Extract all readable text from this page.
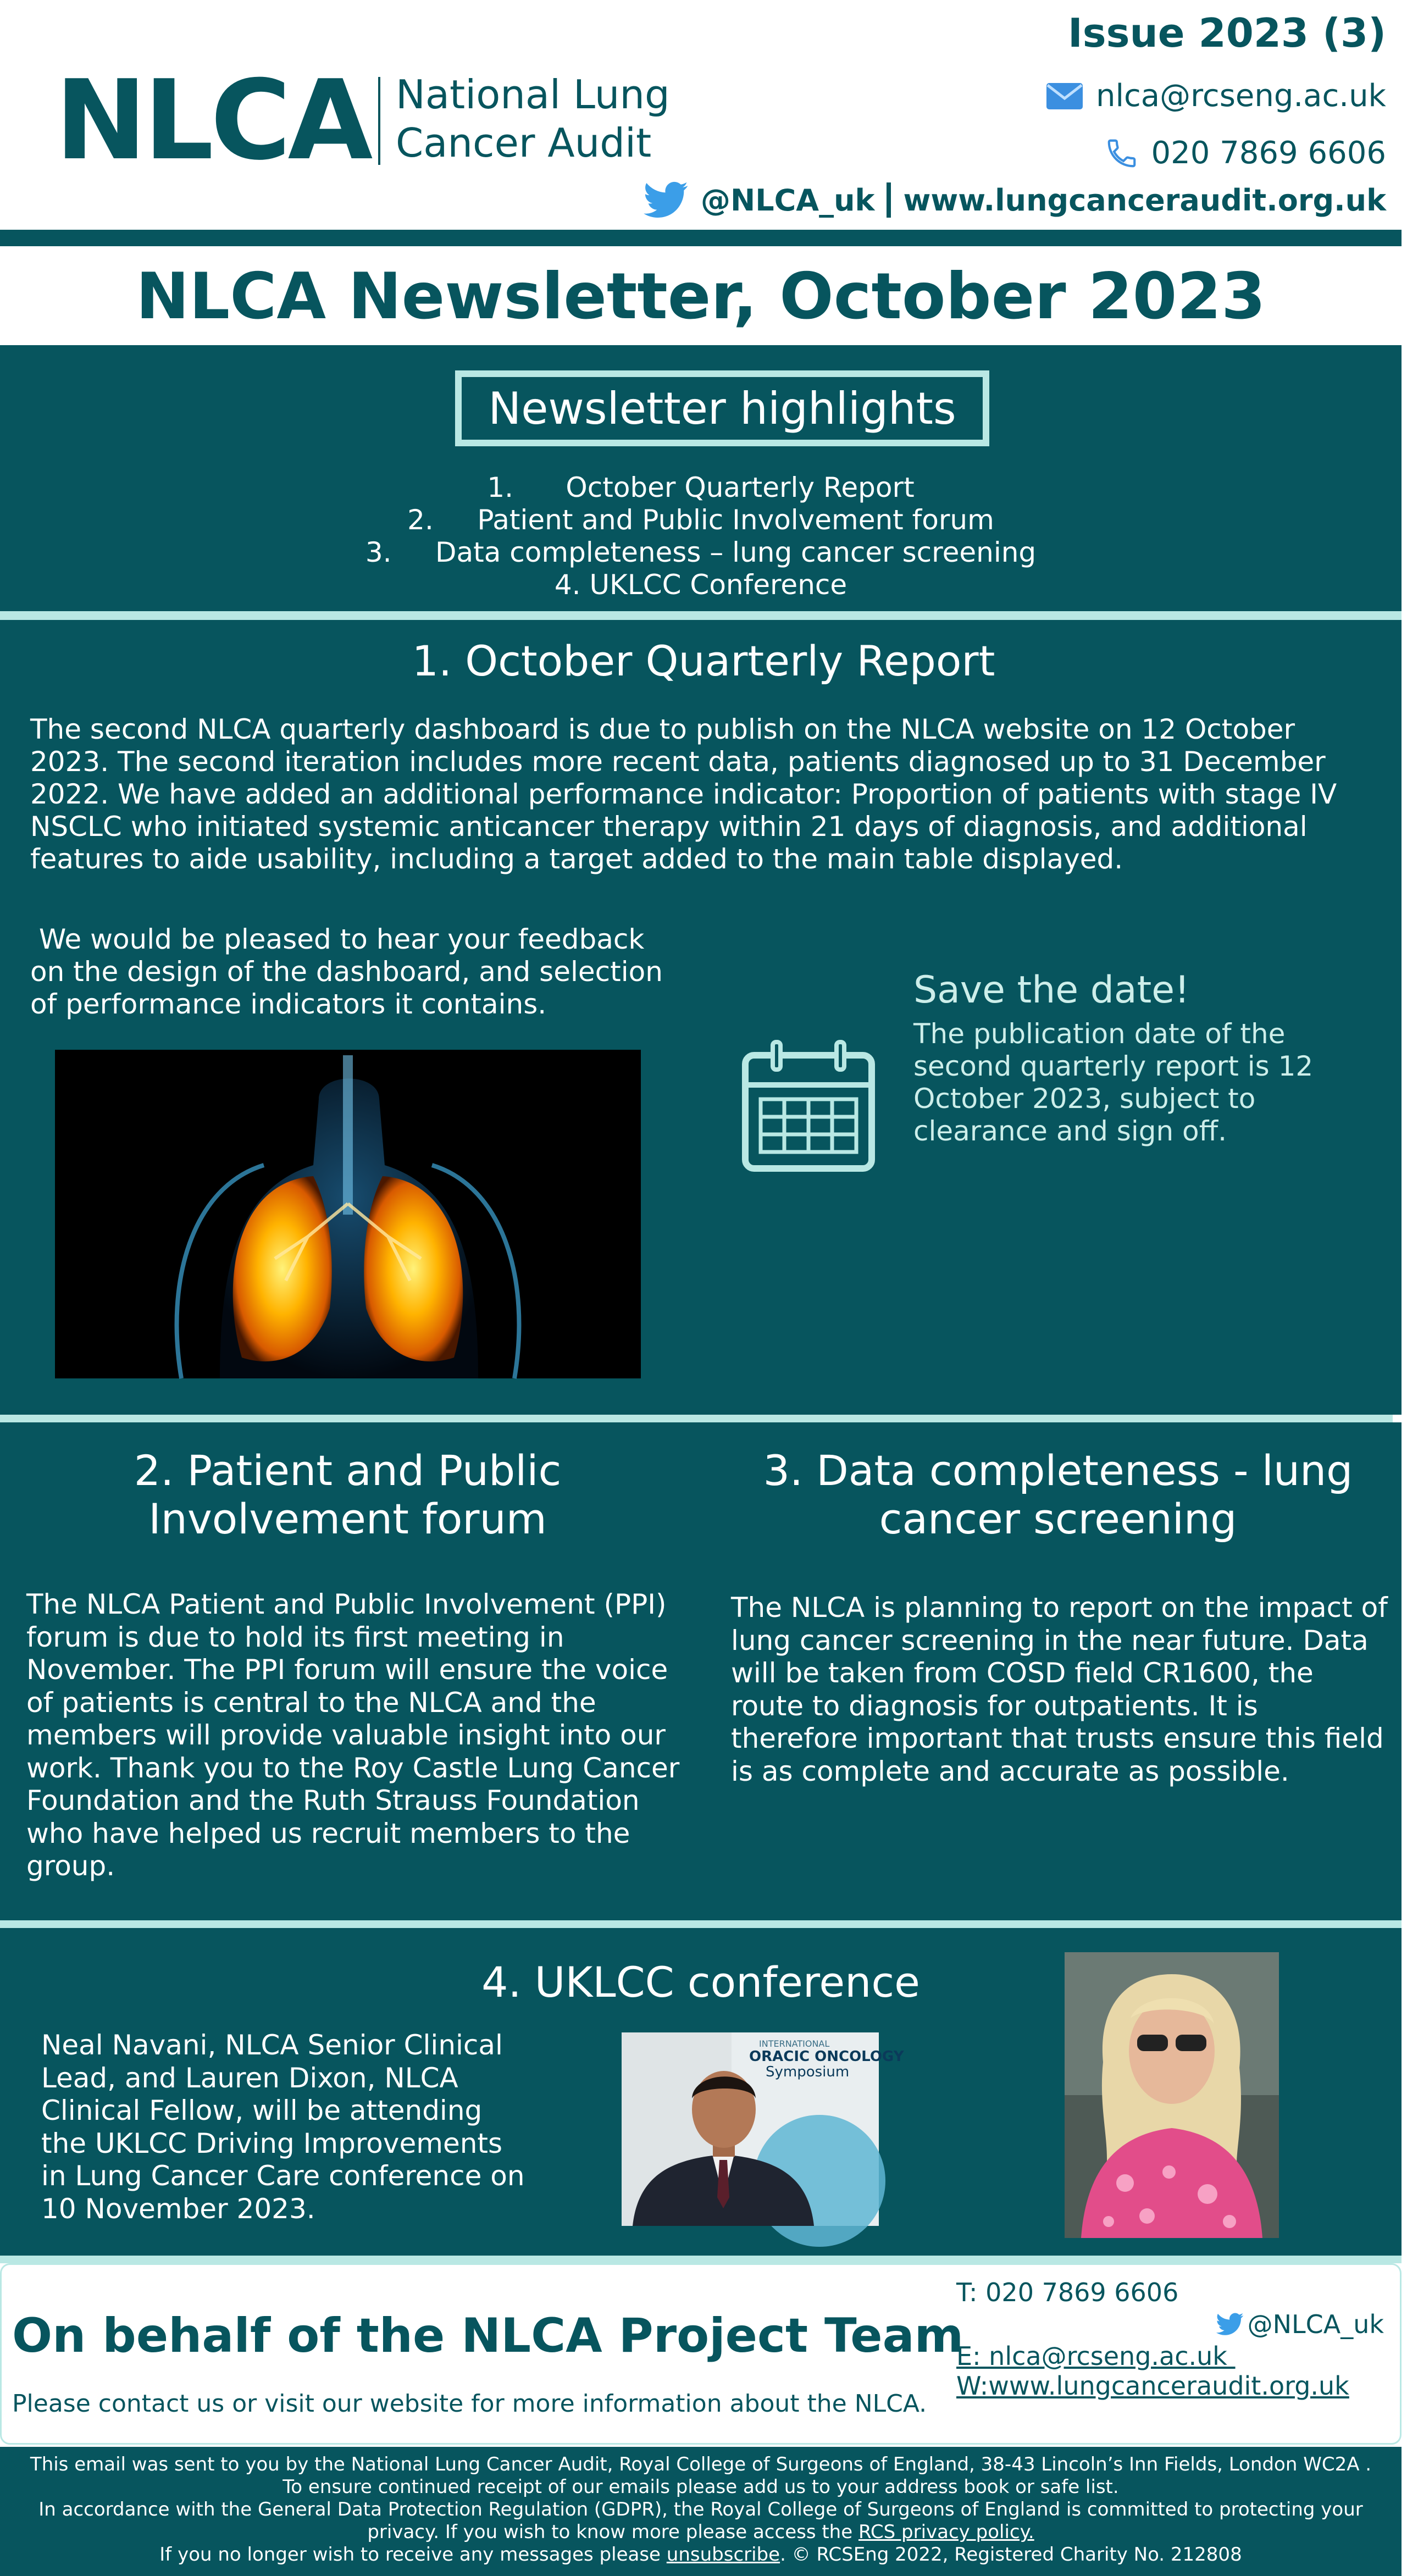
NLCA National Lung
Cancer Audit
Issue 2023 (3)
nlca@rcseng.ac.uk
020 7869 6606
@NLCA_uk www.lungcanceraudit.org.uk
NLCA Newsletter, October 2023
Newsletter highlights
1.      October Quarterly Report
2.     Patient and Public Involvement forum
3.     Data completeness – lung cancer screening
4. UKLCC Conference
1. October Quarterly Report
The second NLCA quarterly dashboard is due to publish on the NLCA website on 12 October 2023. The second iteration includes more recent data, patients diagnosed up to 31 December 2022. We have added an additional performance indicator: Proportion of patients with stage IV NSCLC who initiated systemic anticancer therapy within 21 days of diagnosis, and additional features to aide usability, including a target added to the main table displayed.
We would be pleased to hear your feedback on the design of the dashboard, and selection of performance indicators it contains.	Save the date!
The publication date of the second quarterly report is 12 October 2023, subject to clearance and sign off.
2. Patient and Public Involvement forum
3. Data completeness - lung cancer screening
The NLCA Patient and Public Involvement (PPI) forum is due to hold its first meeting in November. The PPI forum will ensure the voice of patients is central to the NLCA and the members will provide valuable insight into our work. Thank you to the Roy Castle Lung Cancer Foundation and the Ruth Strauss Foundation who have helped us recruit members to the group.
The NLCA is planning to report on the impact of lung cancer screening in the near future. Data will be taken from COSD field CR1600, the route to diagnosis for outpatients. It is therefore important that trusts ensure this field is as complete and accurate as possible.
4. UKLCC conference
Neal Navani, NLCA Senior Clinical Lead, and Lauren Dixon, NLCA Clinical Fellow, will be attending the UKLCC Driving Improvements in Lung Cancer Care conference on 10 November 2023.
INTERNATIONAL
ORACIC ONCOLOGY
Symposium
On behalf of the NLCA Project Team
Please contact us or visit our website for more information about the NLCA.
T: 020 7869 6606
@NLCA_uk
E: nlca@rcseng.ac.uk
W:www.lungcanceraudit.org.uk
This email was sent to you by the National Lung Cancer Audit, Royal College of Surgeons of England, 38-43 Lincoln’s Inn Fields, London WC2A .
To ensure continued receipt of our emails please add us to your address book or safe list.
In accordance with the General Data Protection Regulation (GDPR), the Royal College of Surgeons of England is committed to protecting your
privacy. If you wish to know more please access the RCS privacy policy.
If you no longer wish to receive any messages please unsubscribe. © RCSEng 2022, Registered Charity No. 212808
